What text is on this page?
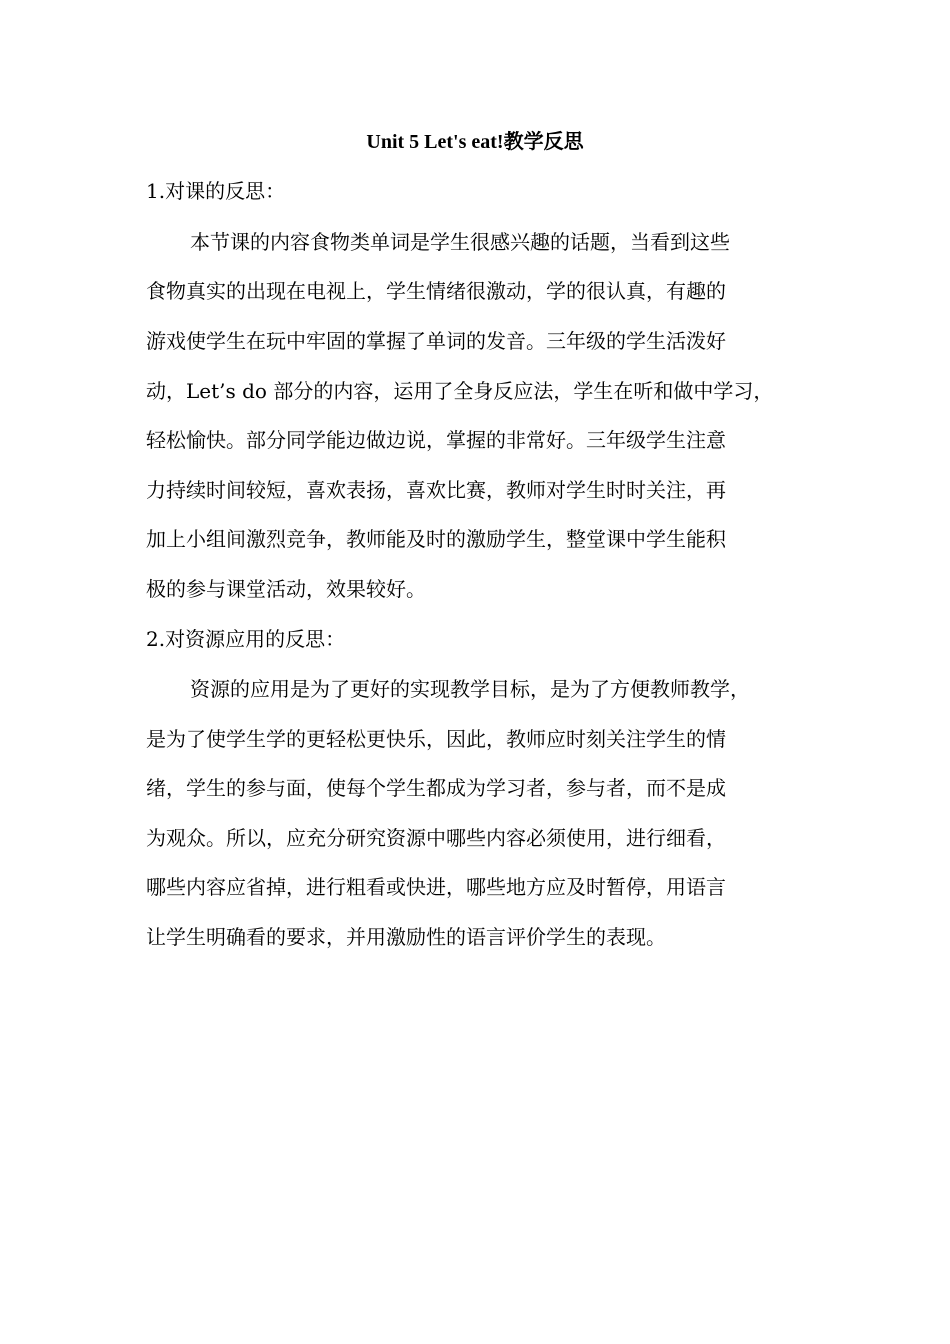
Unit 5 Let's eat!教学反思

1.对课的反思：

本节课的内容食物类单词是学生很感兴趣的话题，当看到这些

食物真实的出现在电视上，学生情绪很激动，学的很认真，有趣的

游戏使学生在玩中牢固的掌握了单词的发音。三年级的学生活泼好

动，Let’s do 部分的内容，运用了全身反应法，学生在听和做中学习，

轻松愉快。部分同学能边做边说，掌握的非常好。三年级学生注意

力持续时间较短，喜欢表扬，喜欢比赛，教师对学生时时关注，再

加上小组间激烈竞争，教师能及时的激励学生，整堂课中学生能积

极的参与课堂活动，效果较好。

2.对资源应用的反思：

资源的应用是为了更好的实现教学目标，是为了方便教师教学，

是为了使学生学的更轻松更快乐，因此，教师应时刻关注学生的情

绪，学生的参与面，使每个学生都成为学习者，参与者，而不是成

为观众。所以，应充分研究资源中哪些内容必须使用，进行细看，

哪些内容应省掉，进行粗看或快进，哪些地方应及时暂停，用语言

让学生明确看的要求，并用激励性的语言评价学生的表现。
